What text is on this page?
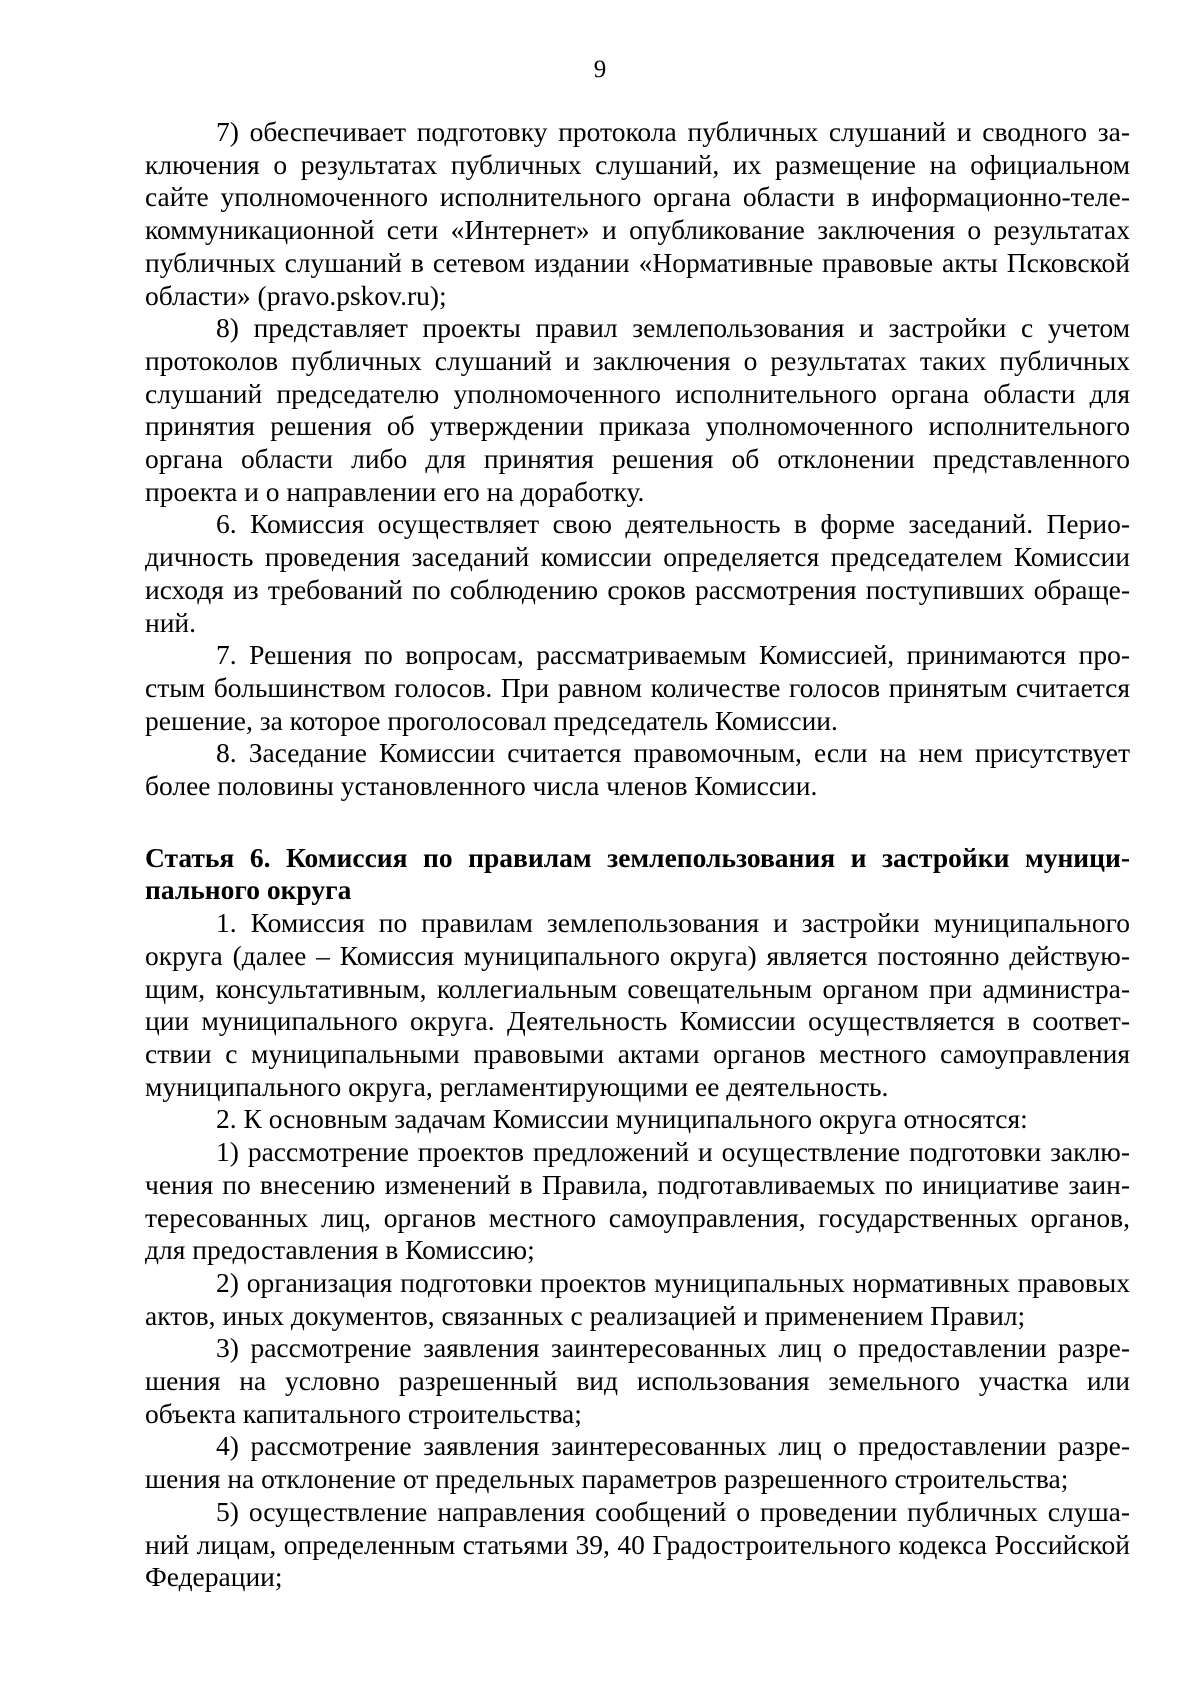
9

7) обеспечивает подготовку протокола публичных слушаний и сводного заключения о результатах публичных слушаний, их размещение на официальном сайте уполномоченного исполнительного органа области в информационно-телекоммуникационной сети «Интернет» и опубликование заключения о результатах публичных слушаний в сетевом издании «Нормативные правовые акты Псковской области» (pravo.pskov.ru);

8) представляет проекты правил землепользования и застройки с учетом протоколов публичных слушаний и заключения о результатах таких публичных слушаний председателю уполномоченного исполнительного органа области для принятия решения об утверждении приказа уполномоченного исполнительного органа области либо для принятия решения об отклонении представленного проекта и о направлении его на доработку.

6. Комиссия осуществляет свою деятельность в форме заседаний. Периодичность проведения заседаний комиссии определяется председателем Комиссии исходя из требований по соблюдению сроков рассмотрения поступивших обращений.

7. Решения по вопросам, рассматриваемым Комиссией, принимаются простым большинством голосов. При равном количестве голосов принятым считается решение, за которое проголосовал председатель Комиссии.

8. Заседание Комиссии считается правомочным, если на нем присутствует более половины установленного числа членов Комиссии.

Статья 6. Комиссия по правилам землепользования и застройки муниципального округа

1. Комиссия по правилам землепользования и застройки муниципального округа (далее – Комиссия муниципального округа) является постоянно действующим, консультативным, коллегиальным совещательным органом при администрации муниципального округа. Деятельность Комиссии осуществляется в соответствии с муниципальными правовыми актами органов местного самоуправления муниципального округа, регламентирующими ее деятельность.

2. К основным задачам Комиссии муниципального округа относятся:

1) рассмотрение проектов предложений и осуществление подготовки заключения по внесению изменений в Правила, подготавливаемых по инициативе заинтересованных лиц, органов местного самоуправления, государственных органов, для предоставления в Комиссию;

2) организация подготовки проектов муниципальных нормативных правовых актов, иных документов, связанных с реализацией и применением Правил;

3) рассмотрение заявления заинтересованных лиц о предоставлении разрешения на условно разрешенный вид использования земельного участка или объекта капитального строительства;

4) рассмотрение заявления заинтересованных лиц о предоставлении разрешения на отклонение от предельных параметров разрешенного строительства;

5) осуществление направления сообщений о проведении публичных слушаний лицам, определенным статьями 39, 40 Градостроительного кодекса Российской Федерации;
